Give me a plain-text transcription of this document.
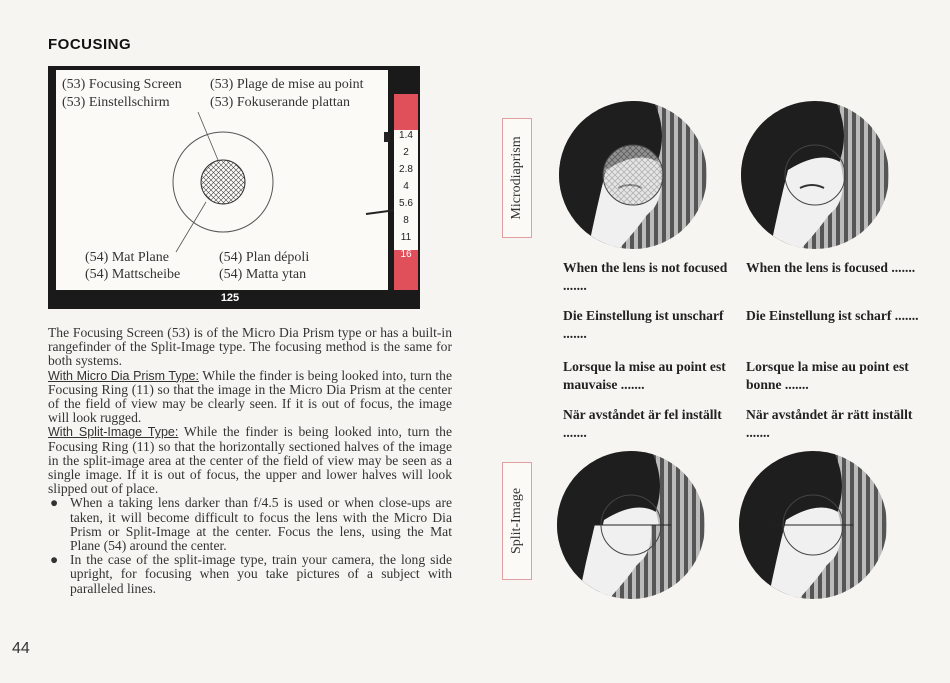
FOCUSING
(53) Focusing Screen (53) Plage de mise au point
(53) Einstellschirm	(53) Fokuserande plattan
(54) Mat Plane	(54) Plan dépoli
(54) Mattscheibe	(54) Matta ytan
1.4
2
2.8
4
5.6
8
11
16
125

The Focusing Screen (53) is of the Micro Dia Prism type or has a built-in rangefinder of the Split-Image type. The focusing method is the same for both systems.

With Micro Dia Prism Type: While the finder is being looked into, turn the Focusing Ring (11) so that the image in the Micro Dia Prism at the center of the field of view may be clearly seen. If it is out of focus, the image will look rugged.

With Split-Image Type: While the finder is being looked into, turn the Focusing Ring (11) so that the horizontally sectioned halves of the image in the split-image area at the center of the field of view may be seen as a single image. If it is out of focus, the upper and lower halves will look slipped out of place.

● When a taking lens darker than f/4.5 is used or when close-ups are taken, it will become difficult to focus the lens with the Micro Dia Prism or Split-Image at the center. Focus the lens, using the Mat Plane (54) around the center.
● In the case of the split-image type, train your camera, the long side upright, for focusing when you take pictures of a subject with paralleled lines.
44
Microdiaprism
Split-Image
When the lens is not focused .......
Die Einstellung ist unscharf .......
Lorsque la mise au point est mauvaise .......
När avståndet är fel inställt .......
When the lens is focused .......
Die Einstellung ist scharf .......
Lorsque la mise au point est bonne .......
När avståndet är rätt inställt .......
